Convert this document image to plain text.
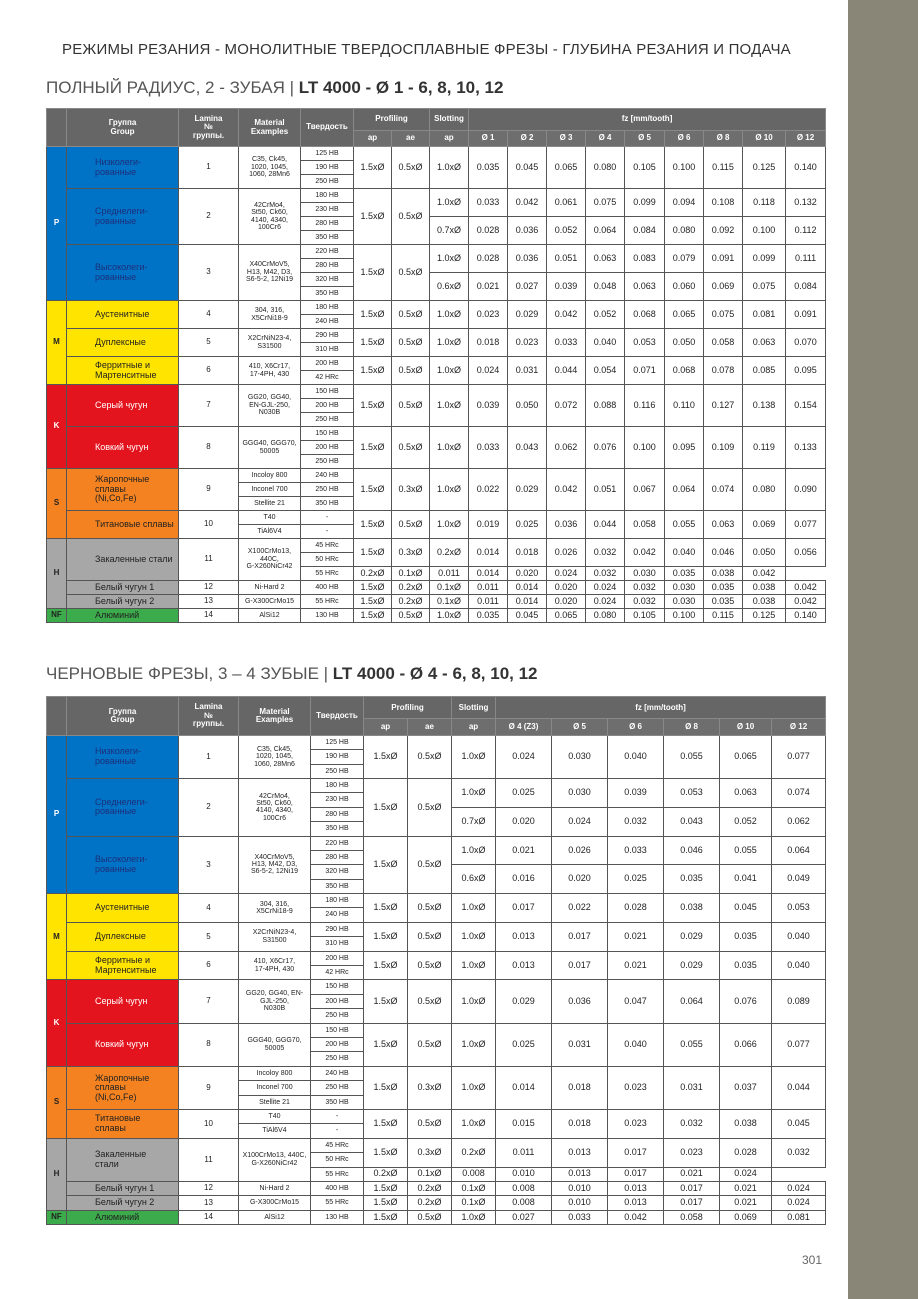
РЕЖИМЫ РЕЗАНИЯ - МОНОЛИТНЫЕ ТВЕРДОСПЛАВНЫЕ ФРЕЗЫ - ГЛУБИНА РЕЗАНИЯ И ПОДАЧА
ПОЛНЫЙ РАДИУС, 2 - ЗУБАЯ | LT 4000 - Ø 1 - 6, 8, 10, 12
	Группа
Group	Lamina
№
группы.	Material
Examples	Твердость	Profiling		Slotting	fz [mm/tooth]								
					ap	ae	ap	Ø 1	Ø 2	Ø 3	Ø 4	Ø 5	Ø 6	Ø 8	Ø 10	Ø 12
P	Низколеги-
рованные	1	C35, Ck45,
1020, 1045,
1060, 28Mn6	125 HB	1.5xØ	0.5xØ	1.0xØ	0.035	0.045	0.065	0.080	0.105	0.100	0.115	0.125	0.140
				190 HB												
				250 HB												
	Среднелеги-
рованные	2	42CrMo4,
St50, Ck60,
4140, 4340,
100Cr6	180 HB	1.5xØ	0.5xØ	1.0xØ	0.033	0.042	0.061	0.075	0.099	0.094	0.108	0.118	0.132
				230 HB												
				280 HB			0.7xØ	0.028	0.036	0.052	0.064	0.084	0.080	0.092	0.100	0.112
				350 HB												
	Высоколеги-
рованные	3	X40CrMoV5,
H13, M42, D3,
S6-5-2, 12Ni19	220 HB	1.5xØ	0.5xØ	1.0xØ	0.028	0.036	0.051	0.063	0.083	0.079	0.091	0.099	0.111
				280 HB												
				320 HB			0.6xØ	0.021	0.027	0.039	0.048	0.063	0.060	0.069	0.075	0.084
				350 HB												
M	Аустенитные	4	304, 316,
X5CrNi18-9	180 HB	1.5xØ	0.5xØ	1.0xØ	0.023	0.029	0.042	0.052	0.068	0.065	0.075	0.081	0.091
				240 HB												
	Дуплексные	5	X2CrNiN23-4,
S31500	290 HB	1.5xØ	0.5xØ	1.0xØ	0.018	0.023	0.033	0.040	0.053	0.050	0.058	0.063	0.070
				310 HB												
	Ферритные и
Мартенситные	6	410, X6Cr17,
17-4PH, 430	200 HB	1.5xØ	0.5xØ	1.0xØ	0.024	0.031	0.044	0.054	0.071	0.068	0.078	0.085	0.095
				42 HRc												
K	Серый чугун	7	GG20, GG40,
EN-GJL-250,
N030B	150 HB	1.5xØ	0.5xØ	1.0xØ	0.039	0.050	0.072	0.088	0.116	0.110	0.127	0.138	0.154
				200 HB												
				250 HB												
	Ковкий чугун	8	GGG40, GGG70,
50005	150 HB	1.5xØ	0.5xØ	1.0xØ	0.033	0.043	0.062	0.076	0.100	0.095	0.109	0.119	0.133
				200 HB												
				250 HB												
S	Жаропочные
сплавы
(Ni,Co,Fe)	9	Incoloy 800	240 HB	1.5xØ	0.3xØ	1.0xØ	0.022	0.029	0.042	0.051	0.067	0.064	0.074	0.080	0.090
			Inconel 700	250 HB												
			Stellite 21	350 HB												
	Титановые сплавы	10	T40	-	1.5xØ	0.5xØ	1.0xØ	0.019	0.025	0.036	0.044	0.058	0.055	0.063	0.069	0.077
			TiAl6V4	-												
H	Закаленные стали	11	X100CrMo13,
440C,
G-X260NiCr42	45 HRc	1.5xØ	0.3xØ	0.2xØ	0.014	0.018	0.026	0.032	0.042	0.040	0.046	0.050	0.056
				50 HRc												
				55 HRc	0.2xØ	0.1xØ	0.011	0.014	0.020	0.024	0.032	0.030	0.035	0.038	0.042	
	Белый чугун 1	12	Ni-Hard 2	400 HB	1.5xØ	0.2xØ	0.1xØ	0.011	0.014	0.020	0.024	0.032	0.030	0.035	0.038	0.042
	Белый чугун 2	13	G-X300CrMo15	55 HRc	1.5xØ	0.2xØ	0.1xØ	0.011	0.014	0.020	0.024	0.032	0.030	0.035	0.038	0.042
NF	Алюминий	14	AlSi12	130 HB	1.5xØ	0.5xØ	1.0xØ	0.035	0.045	0.065	0.080	0.105	0.100	0.115	0.125	0.140
ЧЕРНОВЫЕ ФРЕЗЫ, 3 – 4 ЗУБЫЕ | LT 4000 - Ø 4 - 6, 8, 10, 12
	Группа
Group	Lamina
№
группы.	Material
Examples	Твердость	Profiling		Slotting	fz [mm/tooth]					
					ap	ae	ap	Ø 4 (Z3)	Ø 5	Ø 6	Ø 8	Ø 10	Ø 12
P	Низколеги-
рованные	1	C35, Ck45,
1020, 1045,
1060, 28Mn6	125 HB	1.5xØ	0.5xØ	1.0xØ	0.024	0.030	0.040	0.055	0.065	0.077
				190 HB									
				250 HB									
	Среднелеги-
рованные	2	42CrMo4,
St50, Ck60,
4140, 4340,
100Cr6	180 HB	1.5xØ	0.5xØ	1.0xØ	0.025	0.030	0.039	0.053	0.063	0.074
				230 HB									
				280 HB			0.7xØ	0.020	0.024	0.032	0.043	0.052	0.062
				350 HB									
	Высоколеги-
рованные	3	X40CrMoV5,
H13, M42, D3,
S6-5-2, 12Ni19	220 HB	1.5xØ	0.5xØ	1.0xØ	0.021	0.026	0.033	0.046	0.055	0.064
				280 HB									
				320 HB			0.6xØ	0.016	0.020	0.025	0.035	0.041	0.049
				350 HB									
M	Аустенитные	4	304, 316,
X5CrNi18-9	180 HB	1.5xØ	0.5xØ	1.0xØ	0.017	0.022	0.028	0.038	0.045	0.053
				240 HB									
	Дуплексные	5	X2CrNiN23-4,
S31500	290 HB	1.5xØ	0.5xØ	1.0xØ	0.013	0.017	0.021	0.029	0.035	0.040
				310 HB									
	Ферритные и
Мартенситные	6	410, X6Cr17,
17-4PH, 430	200 HB	1.5xØ	0.5xØ	1.0xØ	0.013	0.017	0.021	0.029	0.035	0.040
				42 HRc									
K	Серый чугун	7	GG20, GG40, EN-
GJL-250,
N030B	150 HB	1.5xØ	0.5xØ	1.0xØ	0.029	0.036	0.047	0.064	0.076	0.089
				200 HB									
				250 HB									
	Ковкий чугун	8	GGG40, GGG70,
50005	150 HB	1.5xØ	0.5xØ	1.0xØ	0.025	0.031	0.040	0.055	0.066	0.077
				200 HB									
				250 HB									
S	Жаропочные
сплавы
(Ni,Co,Fe)	9	Incoloy 800	240 HB	1.5xØ	0.3xØ	1.0xØ	0.014	0.018	0.023	0.031	0.037	0.044
			Inconel 700	250 HB									
			Stellite 21	350 HB									
	Титановые
сплавы	10	T40	-	1.5xØ	0.5xØ	1.0xØ	0.015	0.018	0.023	0.032	0.038	0.045
			TiAl6V4	-									
H	Закаленные
стали	11	X100CrMo13, 440C,
G-X260NiCr42	45 HRc	1.5xØ	0.3xØ	0.2xØ	0.011	0.013	0.017	0.023	0.028	0.032
				50 HRc									
				55 HRc	0.2xØ	0.1xØ	0.008	0.010	0.013	0.017	0.021	0.024	
	Белый чугун 1	12	Ni-Hard 2	400 HB	1.5xØ	0.2xØ	0.1xØ	0.008	0.010	0.013	0.017	0.021	0.024
	Белый чугун 2	13	G-X300CrMo15	55 HRc	1.5xØ	0.2xØ	0.1xØ	0.008	0.010	0.013	0.017	0.021	0.024
NF	Алюминий	14	AlSi12	130 HB	1.5xØ	0.5xØ	1.0xØ	0.027	0.033	0.042	0.058	0.069	0.081
301
